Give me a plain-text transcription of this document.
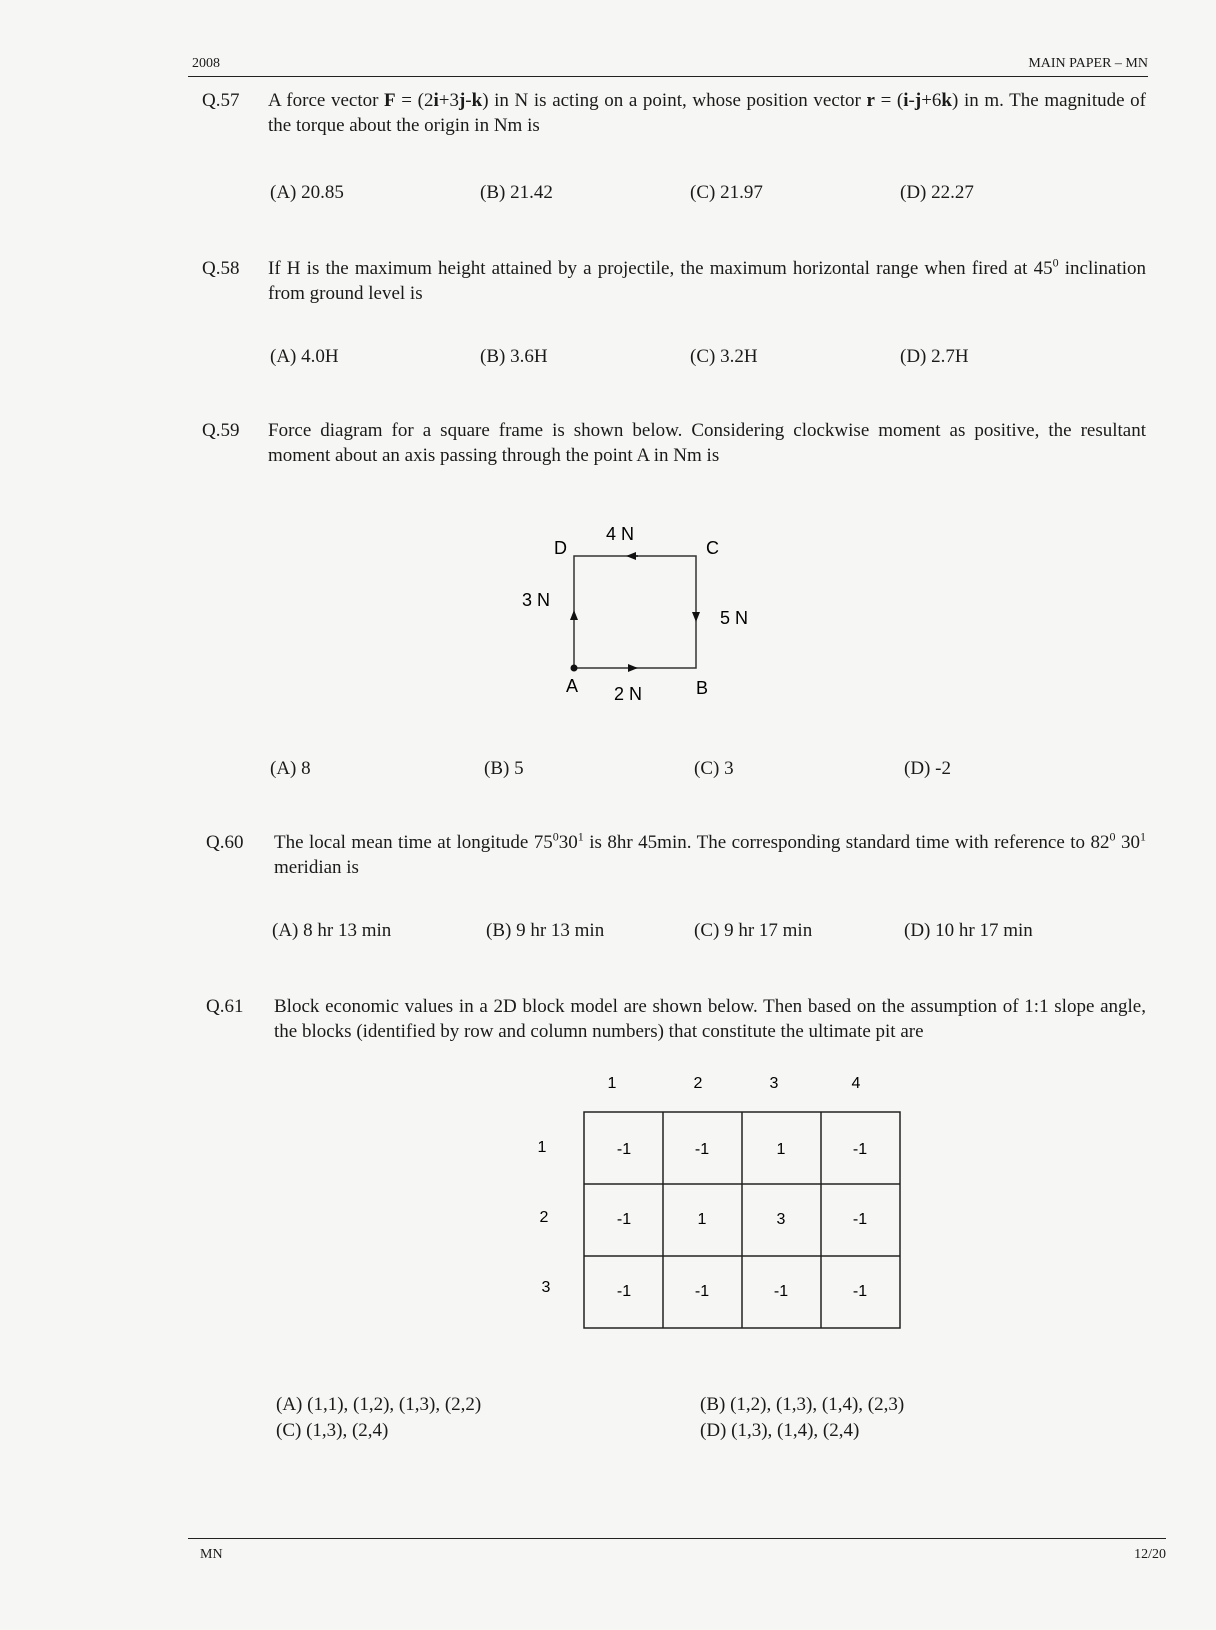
2008	MAIN PAPER – MN
Q.57	A force vector F = (2i+3j-k) in N is acting on a point, whose position vector r = (i-j+6k) in m. The magnitude of the torque about the origin in Nm is
(A) 20.85	(B) 21.42	(C) 21.97	(D) 22.27
Q.58	If H is the maximum height attained by a projectile, the maximum horizontal range when fired at $45^0$ inclination from ground level is
(A) 4.0H	(B) 3.6H	(C) 3.2H	(D) 2.7H
Q.59	Force diagram for a square frame is shown below. Considering clockwise moment as positive, the resultant moment about an axis passing through the point A in Nm is
D	C
A	B
4 N
3 N
5 N
2 N
(A) 8	(B) 5	(C) 3	(D) -2
Q.60	The local mean time at longitude $75^030^1$ is 8hr 45min. The corresponding standard time with reference to $82^0$ $30^1$ meridian is
(A) 8 hr 13 min	(B) 9 hr 13 min	(C) 9 hr 17 min	(D) 10 hr 17 min
Q.61	Block economic values in a 2D block model are shown below. Then based on the assumption of 1:1 slope angle, the blocks (identified by row and column numbers) that constitute the ultimate pit are
1	2	3	4
1
2
3
-1	-1	1	-1
-1	1	3	-1
-1	-1	-1	-1
(A) (1,1), (1,2), (1,3), (2,2)	(B) (1,2), (1,3), (1,4), (2,3)
(C) (1,3), (2,4)	(D) (1,3), (1,4), (2,4)
MN	12/20
